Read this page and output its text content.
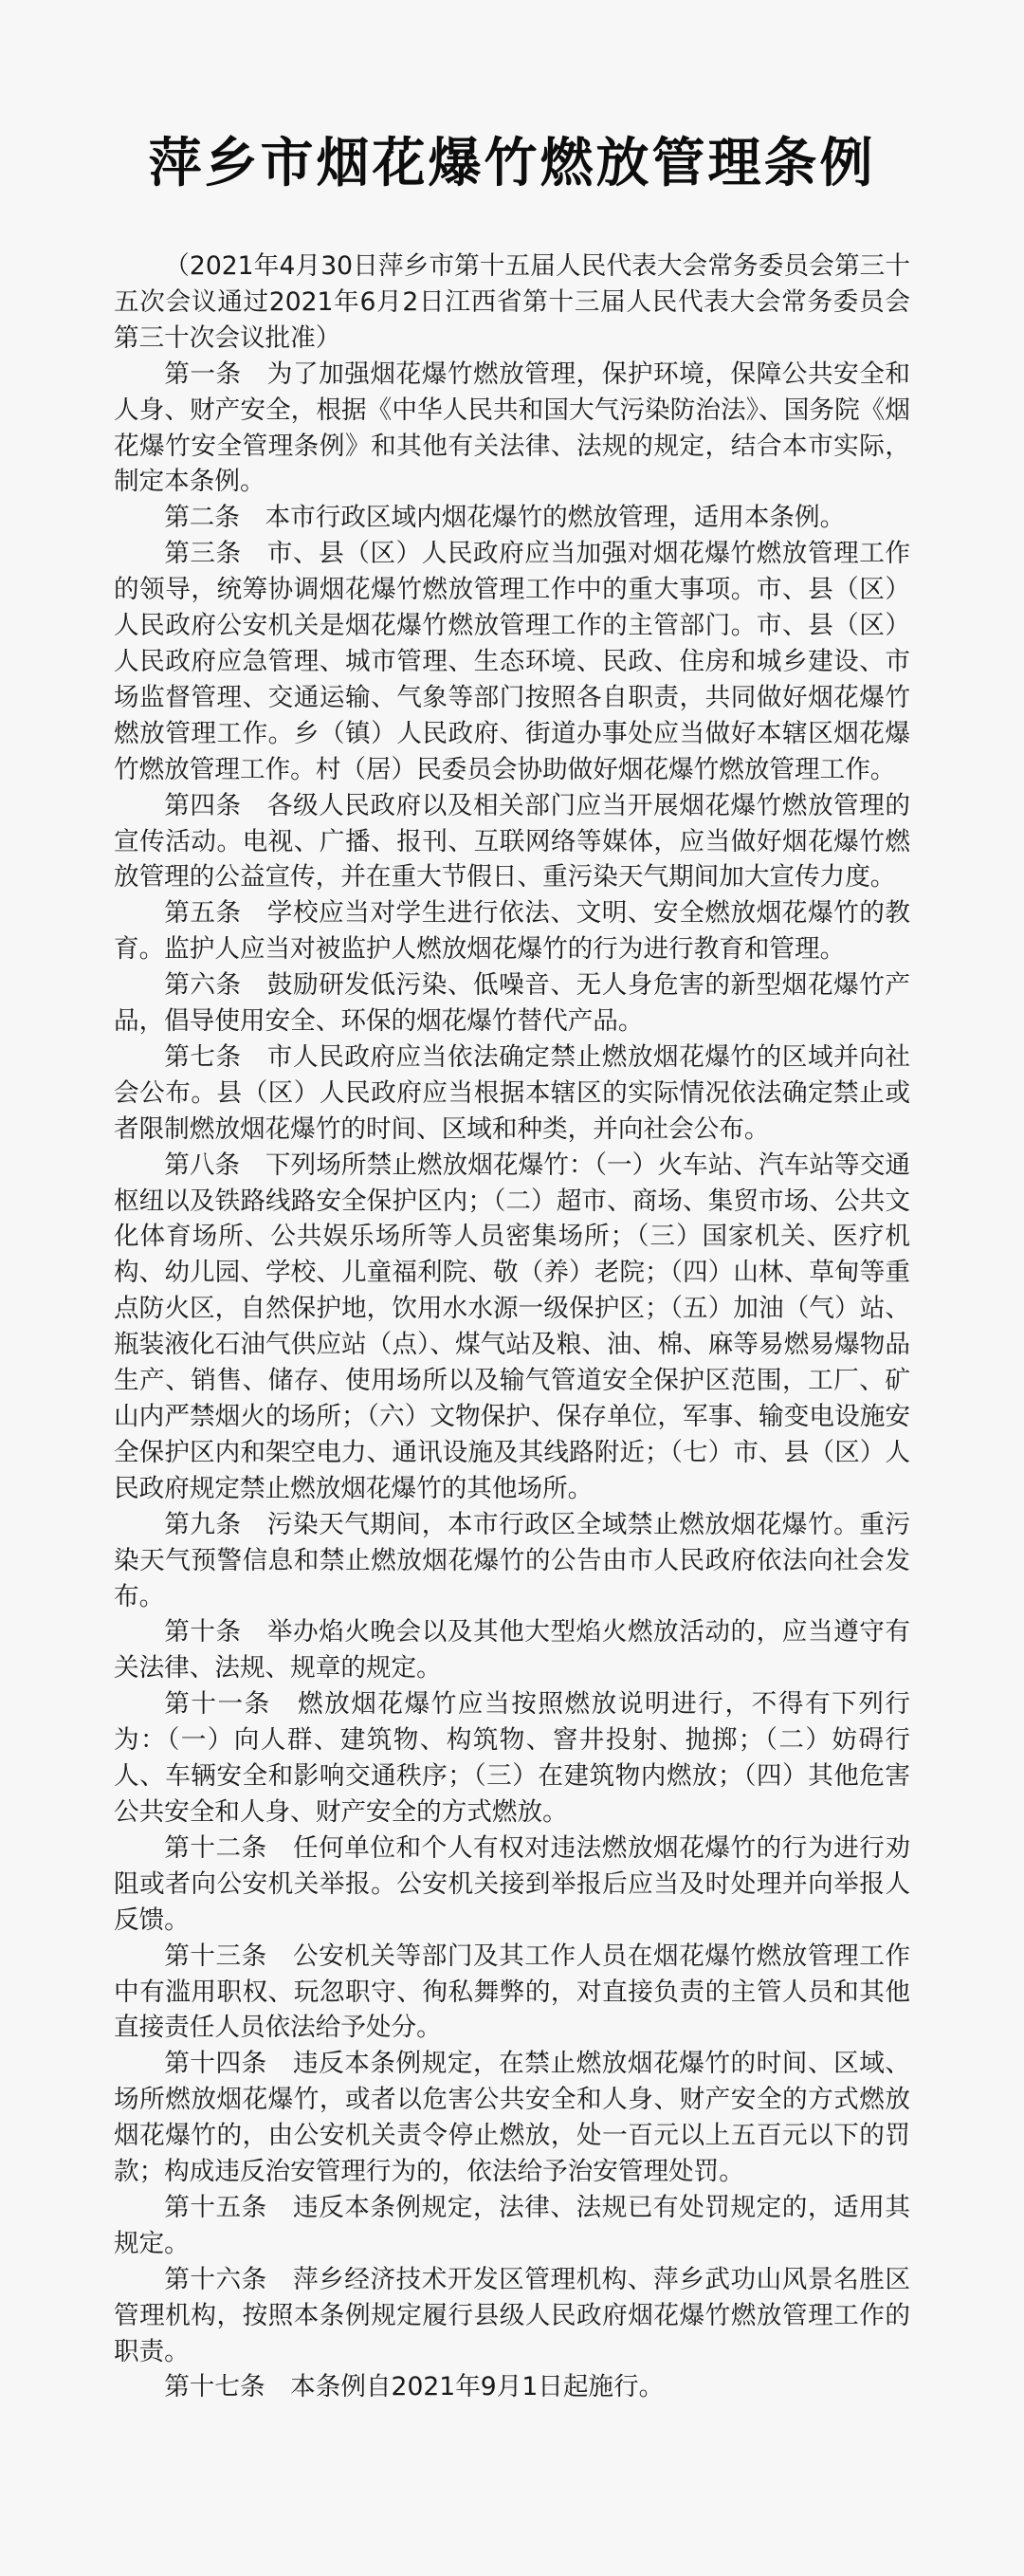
萍乡市烟花爆竹燃放管理条例

（2021年4月30日萍乡市第十五届人民代表大会常务委员会第三十五次会议通过2021年6月2日江西省第十三届人民代表大会常务委员会第三十次会议批准）

第一条　为了加强烟花爆竹燃放管理，保护环境，保障公共安全和人身、财产安全，根据《中华人民共和国大气污染防治法》、国务院《烟花爆竹安全管理条例》和其他有关法律、法规的规定，结合本市实际，制定本条例。

第二条　本市行政区域内烟花爆竹的燃放管理，适用本条例。

第三条　市、县（区）人民政府应当加强对烟花爆竹燃放管理工作的领导，统筹协调烟花爆竹燃放管理工作中的重大事项。市、县（区）人民政府公安机关是烟花爆竹燃放管理工作的主管部门。市、县（区）人民政府应急管理、城市管理、生态环境、民政、住房和城乡建设、市场监督管理、交通运输、气象等部门按照各自职责，共同做好烟花爆竹燃放管理工作。乡（镇）人民政府、街道办事处应当做好本辖区烟花爆竹燃放管理工作。村（居）民委员会协助做好烟花爆竹燃放管理工作。

第四条　各级人民政府以及相关部门应当开展烟花爆竹燃放管理的宣传活动。电视、广播、报刊、互联网络等媒体，应当做好烟花爆竹燃放管理的公益宣传，并在重大节假日、重污染天气期间加大宣传力度。

第五条　学校应当对学生进行依法、文明、安全燃放烟花爆竹的教育。监护人应当对被监护人燃放烟花爆竹的行为进行教育和管理。

第六条　鼓励研发低污染、低噪音、无人身危害的新型烟花爆竹产品，倡导使用安全、环保的烟花爆竹替代产品。

第七条　市人民政府应当依法确定禁止燃放烟花爆竹的区域并向社会公布。县（区）人民政府应当根据本辖区的实际情况依法确定禁止或者限制燃放烟花爆竹的时间、区域和种类，并向社会公布。

第八条　下列场所禁止燃放烟花爆竹：（一）火车站、汽车站等交通枢纽以及铁路线路安全保护区内；（二）超市、商场、集贸市场、公共文化体育场所、公共娱乐场所等人员密集场所；（三）国家机关、医疗机构、幼儿园、学校、儿童福利院、敬（养）老院；（四）山林、草甸等重点防火区，自然保护地，饮用水水源一级保护区；（五）加油（气）站、瓶装液化石油气供应站（点）、煤气站及粮、油、棉、麻等易燃易爆物品生产、销售、储存、使用场所以及输气管道安全保护区范围，工厂、矿山内严禁烟火的场所；（六）文物保护、保存单位，军事、输变电设施安全保护区内和架空电力、通讯设施及其线路附近；（七）市、县（区）人民政府规定禁止燃放烟花爆竹的其他场所。

第九条　污染天气期间，本市行政区全域禁止燃放烟花爆竹。重污染天气预警信息和禁止燃放烟花爆竹的公告由市人民政府依法向社会发布。

第十条　举办焰火晚会以及其他大型焰火燃放活动的，应当遵守有关法律、法规、规章的规定。

第十一条　燃放烟花爆竹应当按照燃放说明进行，不得有下列行为：（一）向人群、建筑物、构筑物、窨井投射、抛掷；（二）妨碍行人、车辆安全和影响交通秩序；（三）在建筑物内燃放；（四）其他危害公共安全和人身、财产安全的方式燃放。

第十二条　任何单位和个人有权对违法燃放烟花爆竹的行为进行劝阻或者向公安机关举报。公安机关接到举报后应当及时处理并向举报人反馈。

第十三条　公安机关等部门及其工作人员在烟花爆竹燃放管理工作中有滥用职权、玩忽职守、徇私舞弊的，对直接负责的主管人员和其他直接责任人员依法给予处分。

第十四条　违反本条例规定，在禁止燃放烟花爆竹的时间、区域、场所燃放烟花爆竹，或者以危害公共安全和人身、财产安全的方式燃放烟花爆竹的，由公安机关责令停止燃放，处一百元以上五百元以下的罚款；构成违反治安管理行为的，依法给予治安管理处罚。

第十五条　违反本条例规定，法律、法规已有处罚规定的，适用其规定。

第十六条　萍乡经济技术开发区管理机构、萍乡武功山风景名胜区管理机构，按照本条例规定履行县级人民政府烟花爆竹燃放管理工作的职责。

第十七条　本条例自2021年9月1日起施行。
